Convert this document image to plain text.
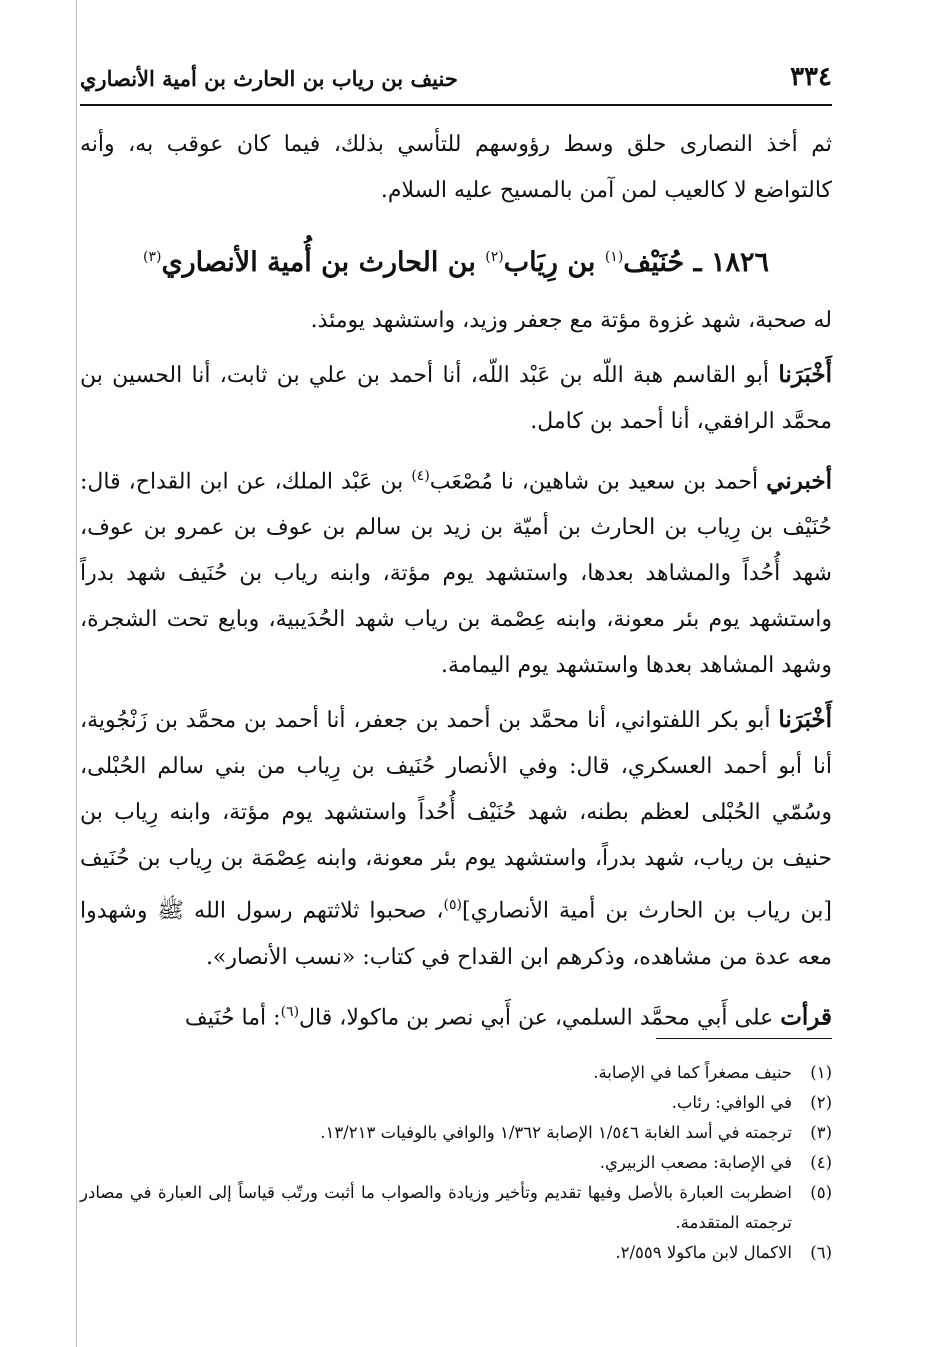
٣٣٤
حنيف بن رياب بن الحارث بن أمية الأنصاري

ثم أخذ النصارى حلق وسط رؤوسهم للتأسي بذلك، فيما كان عوقب به، وأنه كالتواضع لا كالعيب لمن آمن بالمسيح عليه السلام.

١٨٢٦ ـ حُنَيْف$^{(١)}$ بن رِيَاب$^{(٢)}$ بن الحارث بن أُمية الأنصاري$^{(٣)}$

له صحبة، شهد غزوة مؤتة مع جعفر وزيد، واستشهد يومئذ.

أَخْبَرَنا أبو القاسم هبة اللّه بن عَبْد اللّه، أنا أحمد بن علي بن ثابت، أنا الحسين بن محمَّد الرافقي، أنا أحمد بن كامل.

أخبرني أحمد بن سعيد بن شاهين، نا مُصْعَب$^{(٤)}$ بن عَبْد الملك، عن ابن القداح، قال: حُنَيْف بن رِياب بن الحارث بن أميّة بن زيد بن سالم بن عوف بن عمرو بن عوف، شهد أُحُداً والمشاهد بعدها، واستشهد يوم مؤتة، وابنه رياب بن حُنَيف شهد بدراً واستشهد يوم بئر معونة، وابنه عِصْمة بن رياب شهد الحُدَيبية، وبايع تحت الشجرة، وشهد المشاهد بعدها واستشهد يوم اليمامة.

أَخْبَرَنا أبو بكر اللفتواني، أنا محمَّد بن أحمد بن جعفر، أنا أحمد بن محمَّد بن زَنْجُوية، أنا أبو أحمد العسكري، قال: وفي الأنصار حُنَيف بن رِياب من بني سالم الحُبْلى، وسُمّي الحُبْلى لعظم بطنه، شهد حُنَيْف أُحُداً واستشهد يوم مؤتة، وابنه رِياب بن حنيف بن رياب، شهد بدراً، واستشهد يوم بئر معونة، وابنه عِصْمَة بن رِياب بن حُنَيف [بن رياب بن الحارث بن أمية الأنصاري]$^{(٥)}$، صحبوا ثلاثتهم رسول الله ﷺ وشهدوا معه عدة من مشاهده، وذكرهم ابن القداح في كتاب: «نسب الأنصار».

قرأت على أَبي محمَّد السلمي، عن أَبي نصر بن ماكولا، قال$^{(٦)}$: أما حُنَيف

(١)
حنيف مصغراً كما في الإصابة.
(٢)
في الوافي: رئاب.
(٣)
ترجمته في أسد الغابة ١/٥٤٦ الإصابة ١/٣٦٢ والوافي بالوفيات ١٣/٢١٣.
(٤)
في الإصابة: مصعب الزبيري.
(٥)
اضطربت العبارة بالأصل وفيها تقديم وتأخير وزيادة والصواب ما أثبت ورتّب قياساً إلى العبارة في مصادر ترجمته المتقدمة.
(٦)
الاكمال لابن ماكولا ٢/٥٥٩.
